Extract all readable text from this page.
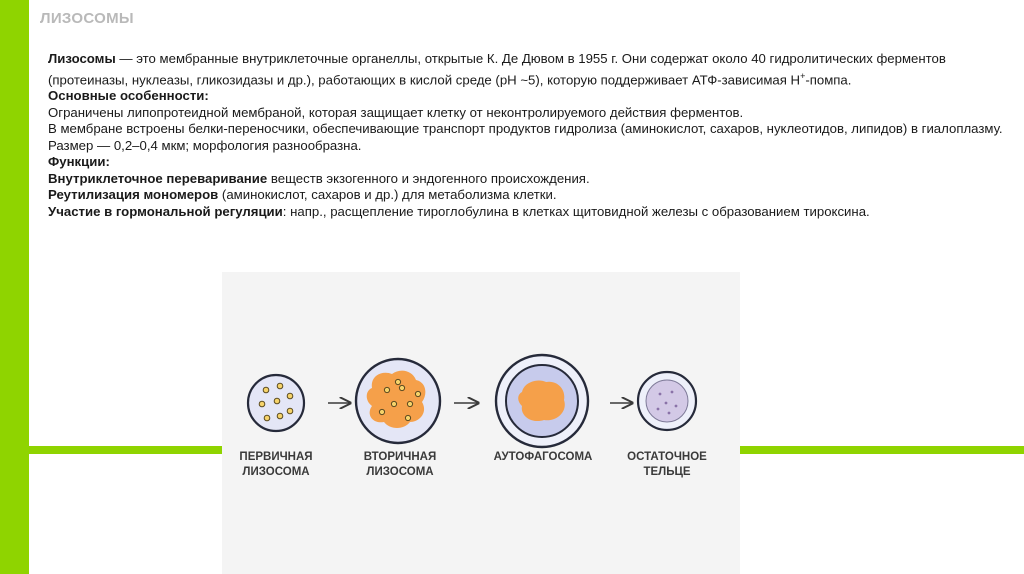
ЛИЗОСОМЫ

Лизосомы — это мембранные внутриклеточные органеллы, открытые К. Де Дювом в 1955 г. Они содержат около 40 гидролитических ферментов (протеиназы, нуклеазы, гликозидазы и др.), работающих в кислой среде (pH ~5), которую поддерживает АТФ-зависимая Н+-помпа.

Основные особенности:

Ограничены липопротеидной мембраной, которая защищает клетку от неконтролируемого действия ферментов.

В мембране встроены белки-переносчики, обеспечивающие транспорт продуктов гидролиза (аминокислот, сахаров, нуклеотидов, липидов) в гиалоплазму.

Размер — 0,2–0,4 мкм; морфология разнообразна.

Функции:

Внутриклеточное переваривание веществ экзогенного и эндогенного происхождения.

Реутилизация мономеров (аминокислот, сахаров и др.) для метаболизма клетки.

Участие в гормональной регуляции: напр., расщепление тироглобулина в клетках щитовидной железы с образованием тироксина.

ПЕРВИЧНАЯ
ЛИЗОСОМА
ВТОРИЧНАЯ
ЛИЗОСОМА
АУТОФАГОСОМА	ОСТАТОЧНОЕ
ТЕЛЬЦЕ
